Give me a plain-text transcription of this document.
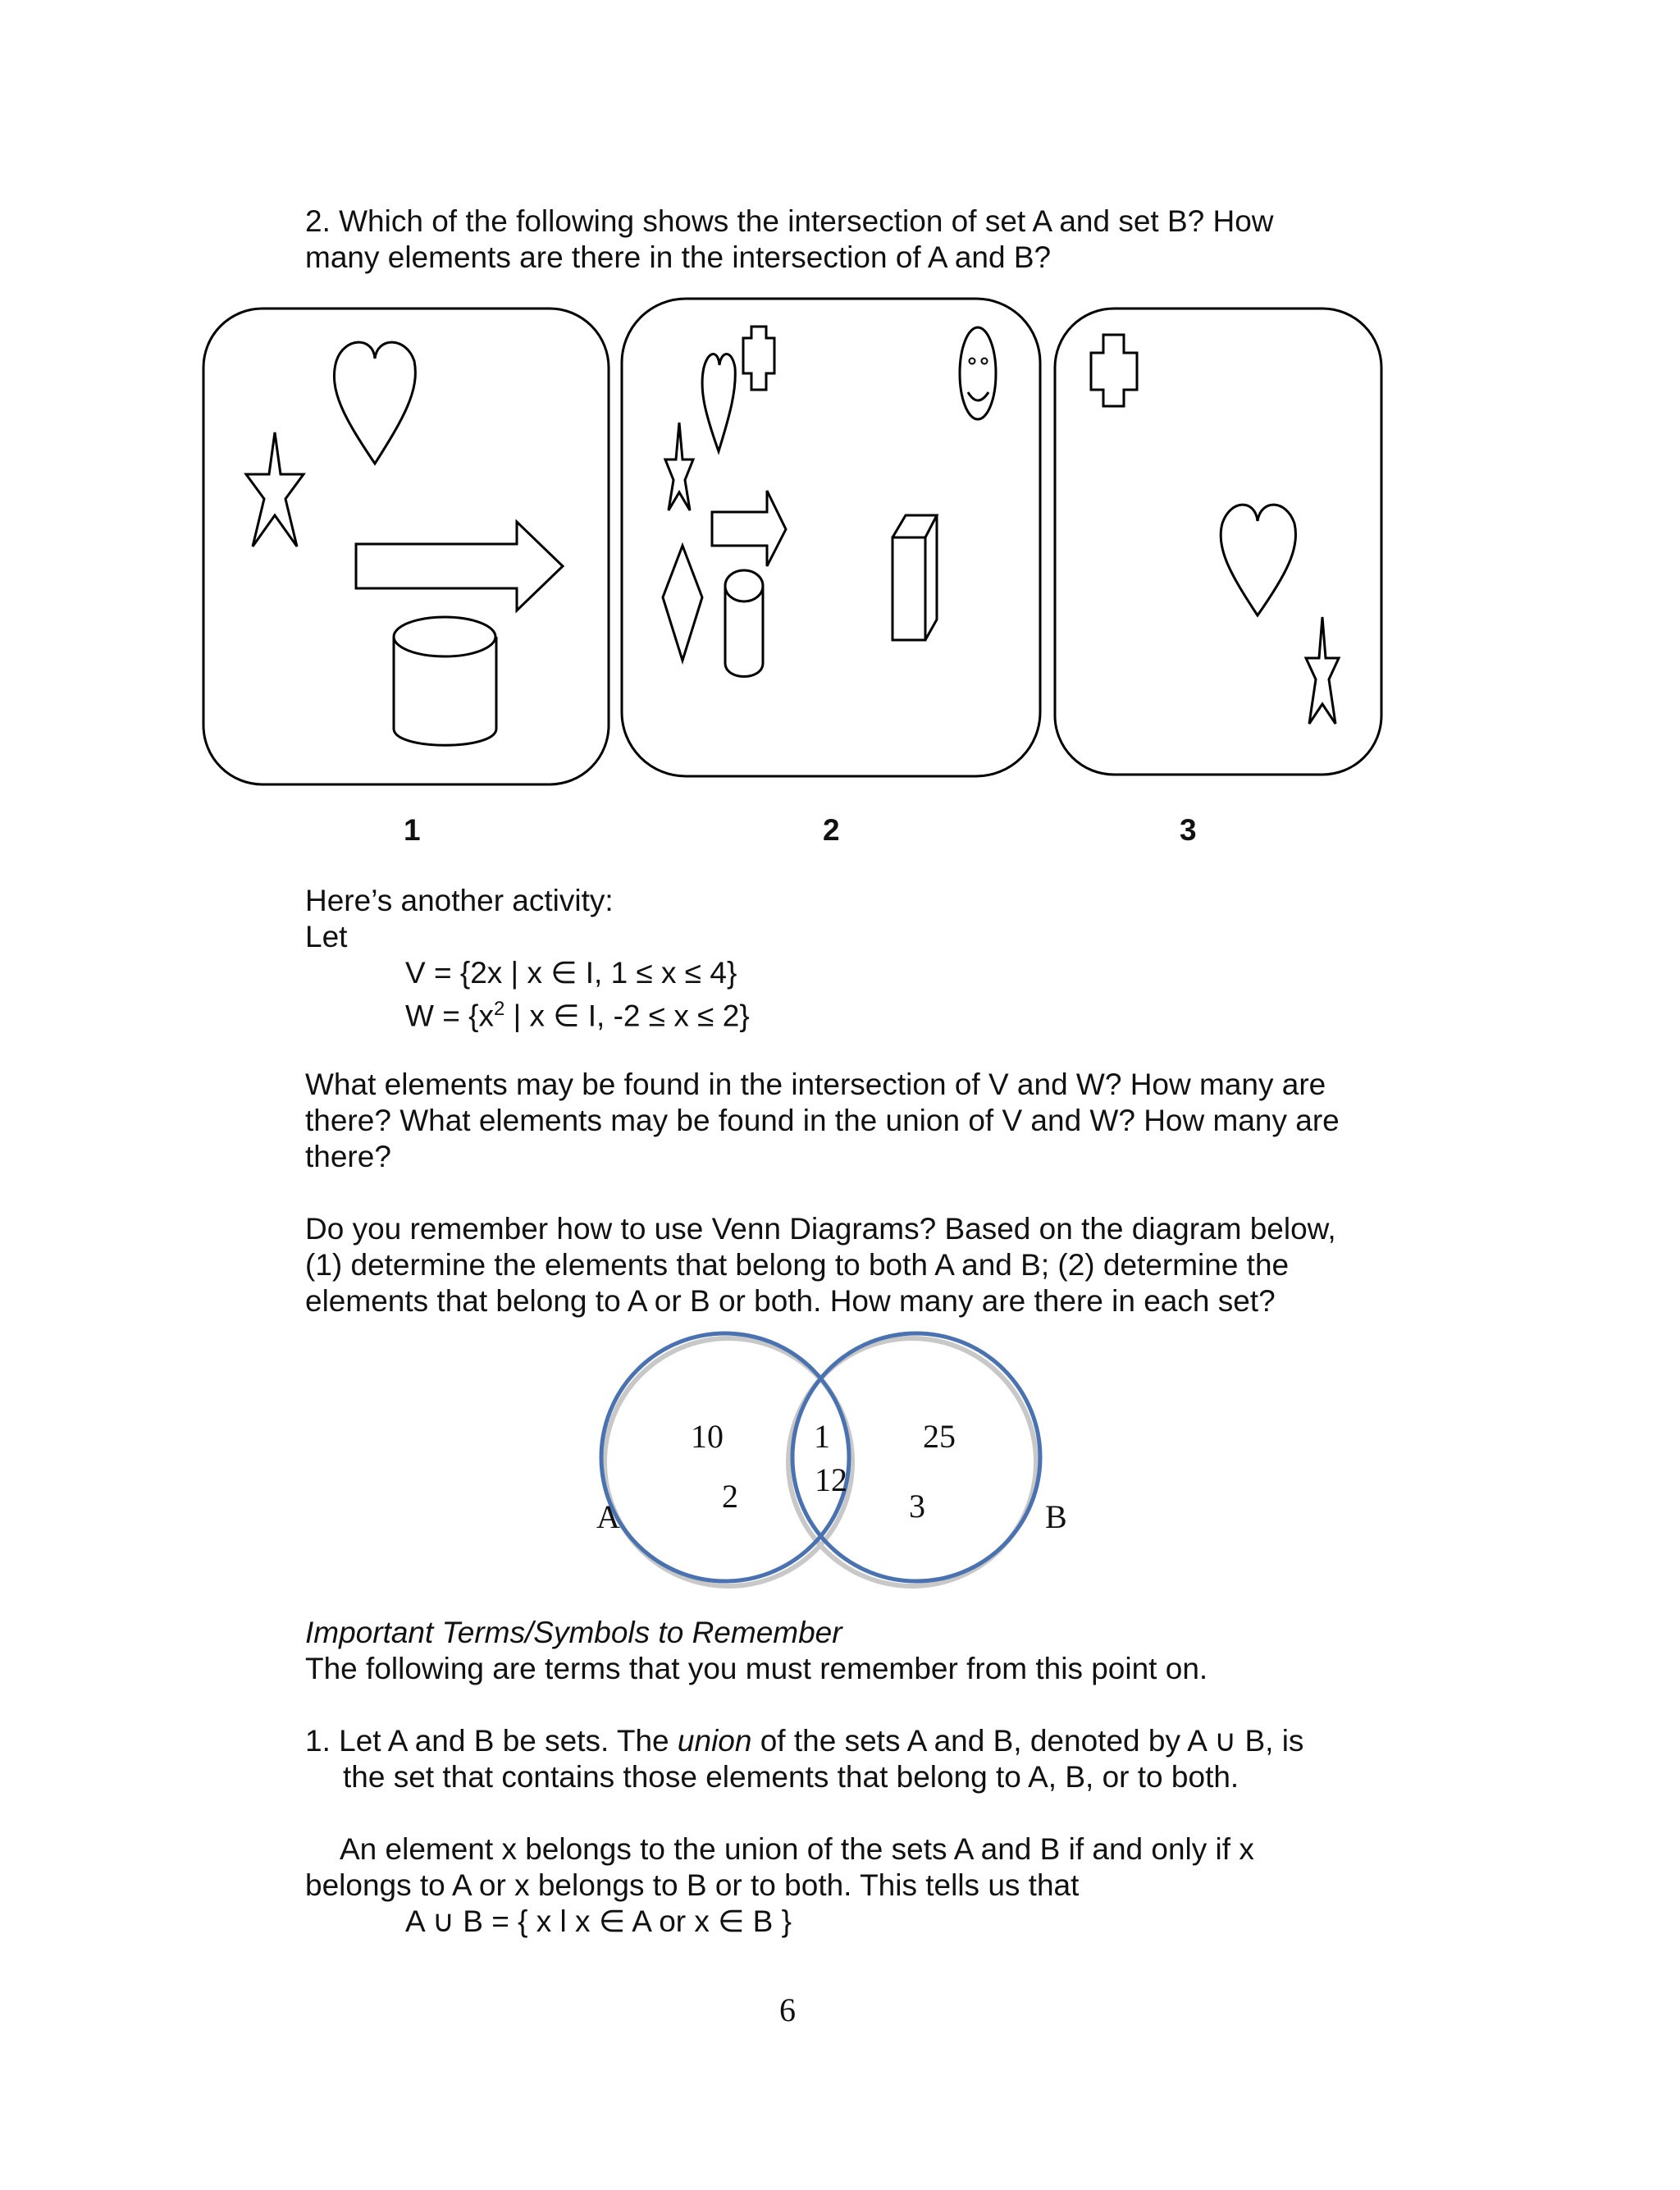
2. Which of the following shows the intersection of set A and set B? How

many elements are there in the intersection of A and B?

1	2	3

Here’s another activity:

Let

V = {2x | x ∈ I, 1 ≤ x ≤ 4}

$W = \{x^2$ | x ∈ I, -2 ≤ x ≤ 2}

What elements may be found in the intersection of V and W? How many are

there? What elements may be found in the union of V and W? How many are

there?

Do you remember how to use Venn Diagrams? Based on the diagram below,

(1) determine the elements that belong to both A and B; (2) determine the

elements that belong to A or B or both. How many are there in each set?

10
2
1
12
25
3
A	B

Important Terms/Symbols to Remember

The following are terms that you must remember from this point on.

1. Let A and B be sets. The union of the sets A and B, denoted by A ∪ B, is

the set that contains those elements that belong to A, B, or to both.

An element x belongs to the union of the sets A and B if and only if x

belongs to A or x belongs to B or to both. This tells us that

A ∪ B = { x l x ∈ A or x ∈ B }

6
